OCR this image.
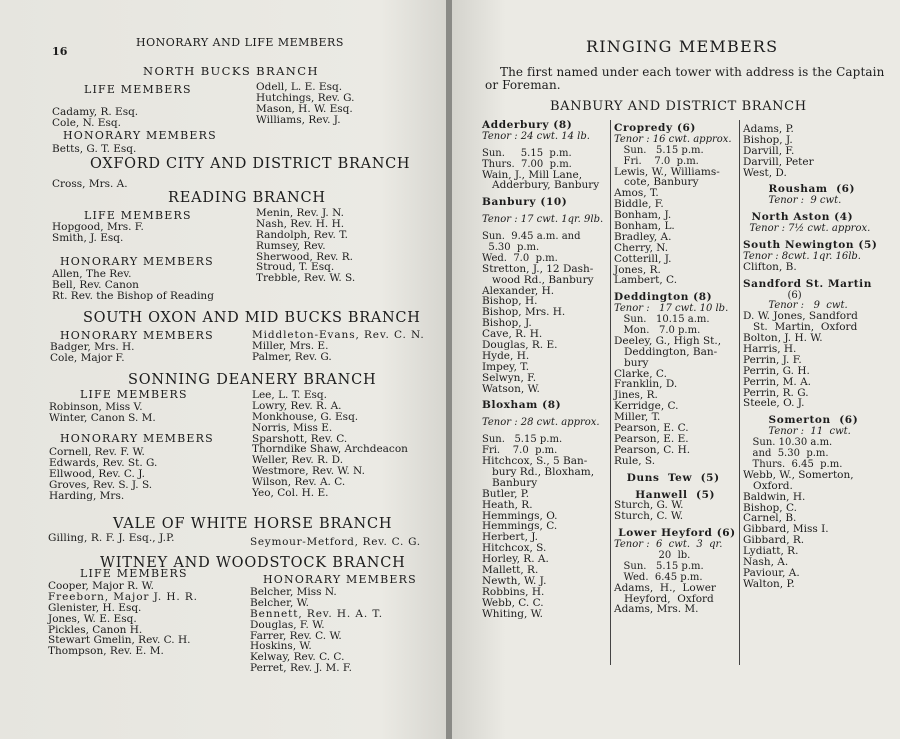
16
HONORARY AND LIFE MEMBERS
NORTH BUCKS BRANCH
LIFE MEMBERS
Cadamy, R. Esq.
Cole, N. Esq.
HONORARY MEMBERS
Betts, G. T. Esq.
Odell, L. E. Esq.
Hutchings, Rev. G.
Mason, H. W. Esq.
Williams, Rev. J.
OXFORD CITY AND DISTRICT BRANCH
Cross, Mrs. A.
READING BRANCH
LIFE MEMBERS
Hopgood, Mrs. F.
Smith, J. Esq.
HONORARY MEMBERS
Allen, The Rev.
Bell, Rev. Canon
Rt. Rev. the Bishop of Reading
Menin, Rev. J. N.
Nash, Rev. H. H.
Randolph, Rev. T.
Rumsey, Rev.
Sherwood, Rev. R.
Stroud, T. Esq.
Trebble, Rev. W. S.
SOUTH OXON AND MID BUCKS BRANCH
HONORARY MEMBERS
Badger, Mrs. H.
Cole, Major F.
Middleton-Evans, Rev. C. N.
Miller, Mrs. E.
Palmer, Rev. G.
SONNING DEANERY BRANCH
LIFE MEMBERS
Robinson, Miss V.
Winter, Canon S. M.
HONORARY MEMBERS
Cornell, Rev. F. W.
Edwards, Rev. St. G.
Ellwood, Rev. C. J.
Groves, Rev. S. J. S.
Harding, Mrs.
Lee, L. T. Esq.
Lowry, Rev. R. A.
Monkhouse, G. Esq.
Norris, Miss E.
Sparshott, Rev. C.
Thorndike Shaw, Archdeacon
Weller, Rev. R. D.
Westmore, Rev. W. N.
Wilson, Rev. A. C.
Yeo, Col. H. E.
VALE OF WHITE HORSE BRANCH
Gilling, R. F. J. Esq., J.P.	Seymour-Metford, Rev. C. G.
WITNEY AND WOODSTOCK BRANCH
LIFE MEMBERS
Cooper, Major R. W.
Freeborn, Major J. H. R.
Glenister, H. Esq.
Jones, W. E. Esq.
Pickles, Canon H.
Stewart Gmelin, Rev. C. H.
Thompson, Rev. E. M.
HONORARY MEMBERS
Belcher, Miss N.
Belcher, W.
Bennett, Rev. H. A. T.
Douglas, F. W.
Farrer, Rev. C. W.
Hoskins, W.
Kelway, Rev. C. C.
Perret, Rev. J. M. F.
RINGING MEMBERS
The first named under each tower with address is the Captain
or Foreman.
BANBURY AND DISTRICT BRANCH
Adderbury (8)
Tenor : 24 cwt. 14 lb.
Sun.     5.15  p.m.
Thurs.  7.00  p.m.
Wain, J., Mill Lane,
Adderbury, Banbury
Banbury (10)
Tenor : 17 cwt. 1qr. 9lb.
Sun.  9.45 a.m. and
5.30  p.m.
Wed.  7.0  p.m.
Stretton, J., 12 Dash-
wood Rd., Banbury
Alexander, H.
Bishop, H.
Bishop, Mrs. H.
Bishop, J.
Cave, R. H.
Douglas, R. E.
Hyde, H.
Impey, T.
Selwyn, F.
Watson, W.
Bloxham (8)
Tenor : 28 cwt. approx.
Sun.   5.15 p.m.
Fri.    7.0  p.m.
Hitchcox, S., 5 Ban-
bury Rd., Bloxham,
Banbury
Butler, P.
Heath, R.
Hemmings, O.
Hemmings, C.
Herbert, J.
Hitchcox, S.
Horley, R. A.
Mallett, R.
Newth, W. J.
Robbins, H.
Webb, C. C.
Whiting, W.
Cropredy (6)
Tenor : 16 cwt. approx.
Sun.   5.15 p.m.
Fri.    7.0  p.m.
Lewis, W., Williams-
cote, Banbury
Amos, T.
Biddle, F.
Bonham, J.
Bonham, L.
Bradley, A.
Cherry, N.
Cotterill, J.
Jones, R.
Lambert, C.
Deddington (8)
Tenor :   17 cwt. 10 lb.
Sun.   10.15 a.m.
Mon.   7.0 p.m.
Deeley, G., High St.,
Deddington, Ban-
bury
Clarke, C.
Franklin, D.
Jines, R.
Kerridge, C.
Miller, T.
Pearson, E. C.
Pearson, E. E.
Pearson, C. H.
Rule, S.
Duns  Tew  (5)
Hanwell  (5)
Sturch, G. W.
Sturch, C. W.
Lower Heyford (6)
Tenor :  6  cwt.  3  qr.
20  lb.
Sun.   5.15 p.m.
Wed.  6.45 p.m.
Adams,  H.,  Lower
Heyford,  Oxford
Adams, Mrs. M.
Adams, P.
Bishop, J.
Darvill, F.
Darvill, Peter
West, D.
Rousham  (6)
Tenor :  9 cwt.
North Aston (4)
Tenor : 7½ cwt. approx.
South Newington (5)
Tenor : 8cwt. 1qr. 16lb.
Clifton, B.
Sandford St. Martin
(6)
Tenor :   9  cwt.
D. W. Jones, Sandford
St.  Martin,  Oxford
Bolton, J. H. W.
Harris, H.
Perrin, J. F.
Perrin, G. H.
Perrin, M. A.
Perrin, R. G.
Steele, O. J.
Somerton  (6)
Tenor :  11  cwt.
Sun. 10.30 a.m.
and  5.30  p.m.
Thurs.  6.45  p.m.
Webb, W., Somerton,
Oxford.
Baldwin, H.
Bishop, C.
Carnel, B.
Gibbard, Miss I.
Gibbard, R.
Lydiatt, R.
Nash, A.
Paviour, A.
Walton, P.
